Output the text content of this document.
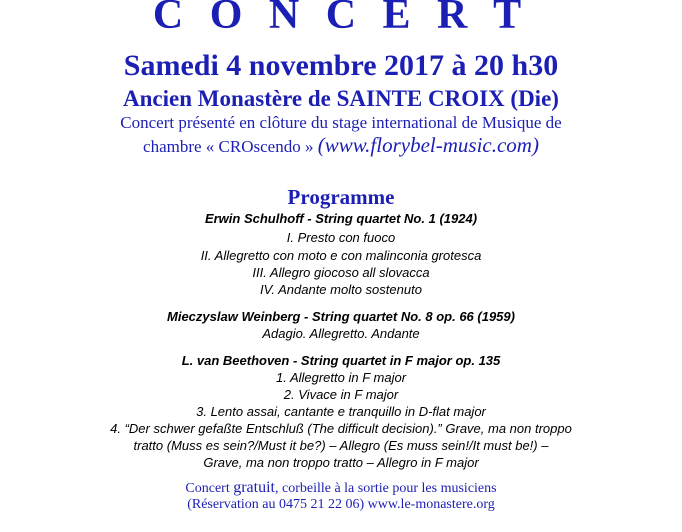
C O N C E R T
Samedi 4 novembre 2017 à 20 h30
Ancien Monastère de SAINTE CROIX (Die)
Concert présenté en clôture du stage international de Musique de
chambre « CROscendo » (www.florybel-music.com)
Programme
Erwin Schulhoff - String quartet No. 1 (1924)
I. Presto con fuoco
II. Allegretto con moto e con malinconia grotesca
III. Allegro giocoso all slovacca
IV. Andante molto sostenuto
Mieczyslaw Weinberg - String quartet No. 8 op. 66 (1959)
Adagio. Allegretto. Andante
L. van Beethoven - String quartet in F major op. 135
1. Allegretto in F major
2. Vivace in F major
3. Lento assai, cantante e tranquillo in D-flat major
4. “Der schwer gefaßte Entschluß (The difficult decision).” Grave, ma non troppo
tratto (Muss es sein?/Must it be?) – Allegro (Es muss sein!/It must be!) –
Grave, ma non troppo tratto – Allegro in F major
Concert gratuit, corbeille à la sortie pour les musiciens
(Réservation au 0475 21 22 06) www.le-monastere.org
